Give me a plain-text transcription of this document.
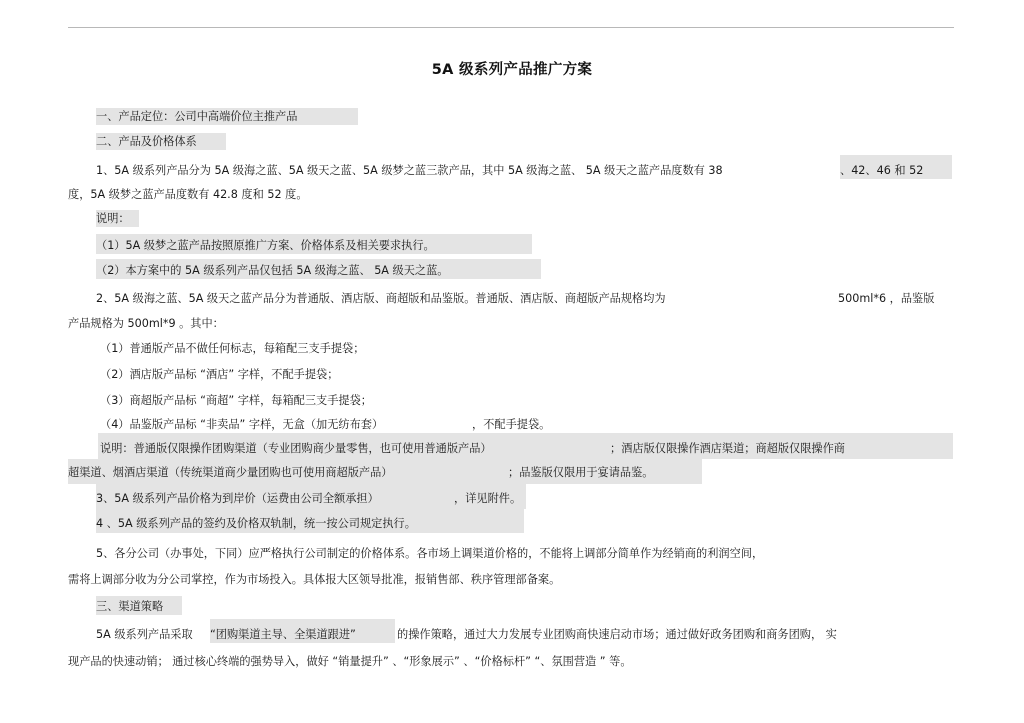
5A 级系列产品推广方案
一、产品定位：公司中高端价位主推产品
二、产品及价格体系
1、5A 级系列产品分为 5A 级海之蓝、5A 级天之蓝、5A 级梦之蓝三款产品，其中 5A 级海之蓝、 5A 级天之蓝产品度数有 38	、42、46 和 52
度，5A 级梦之蓝产品度数有 42.8 度和 52 度。
说明：
（1）5A 级梦之蓝产品按照原推广方案、价格体系及相关要求执行。
（2）本方案中的 5A 级系列产品仅包括 5A 级海之蓝、 5A 级天之蓝。
2、5A 级海之蓝、5A 级天之蓝产品分为普通版、酒店版、商超版和品鉴版。普通版、酒店版、商超版产品规格均为	500ml*6 ，品鉴版
产品规格为 500ml*9 。其中：
（1）普通版产品不做任何标志，每箱配三支手提袋；
（2）酒店版产品标 “酒店” 字样，不配手提袋；
（3）商超版产品标 “商超” 字样，每箱配三支手提袋；
（4）品鉴版产品标 “非卖品” 字样，无盒（加无纺布套）	，不配手提袋。
说明：普通版仅限操作团购渠道（专业团购商少量零售，也可使用普通版产品）	；酒店版仅限操作酒店渠道；商超版仅限操作商
超渠道、烟酒店渠道（传统渠道商少量团购也可使用商超版产品）	；品鉴版仅限用于宴请品鉴。
3、5A 级系列产品价格为到岸价（运费由公司全额承担）	，详见附件。
4 、5A 级系列产品的签约及价格双轨制，统一按公司规定执行。
5、各分公司（办事处，下同）应严格执行公司制定的价格体系。各市场上调渠道价格的，不能将上调部分简单作为经销商的利润空间，
需将上调部分收为分公司掌控，作为市场投入。具体报大区领导批准，报销售部、秩序管理部备案。
三、渠道策略
5A 级系列产品采取 “团购渠道主导、全渠道跟进”	的操作策略，通过大力发展专业团购商快速启动市场；通过做好政务团购和商务团购， 实
现产品的快速动销； 通过核心终端的强势导入，做好 “销量提升” 、“形象展示” 、“价格标杆” “、氛围营造 ” 等。
